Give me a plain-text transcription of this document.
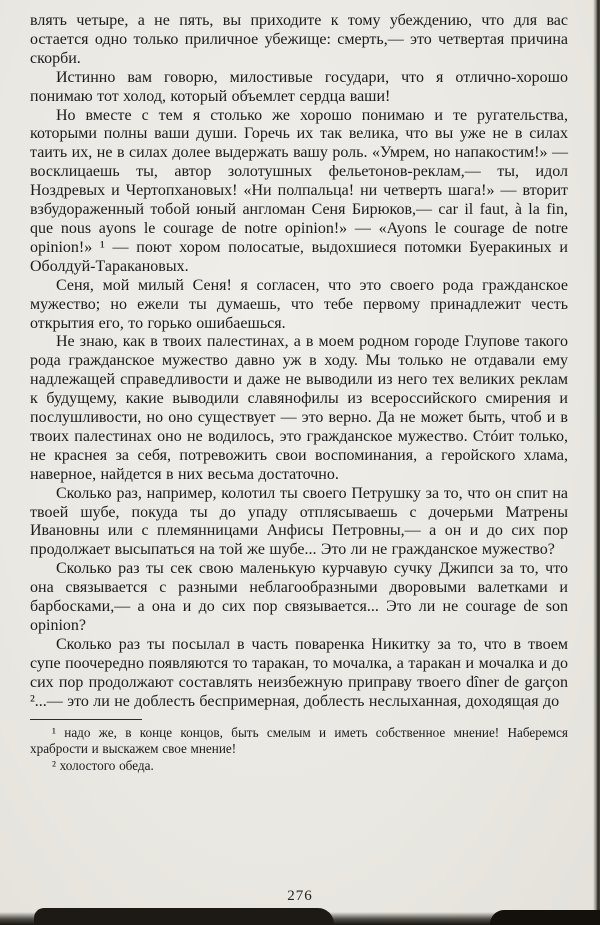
влять четыре, а не пять, вы приходите к тому убеждению, что для вас остается одно только приличное убежище: смерть,— это четвертая причина скорби.

Истинно вам говорю, милостивые государи, что я отлично-хорошо понимаю тот холод, который объемлет сердца ваши!

Но вместе с тем я столько же хорошо понимаю и те ругательства, которыми полны ваши души. Горечь их так велика, что вы уже не в силах таить их, не в силах долее выдержать вашу роль. «Умрем, но напакостим!» — восклицаешь ты, автор золотушных фельетонов-реклам,— ты, идол Ноздревых и Чертопхановых! «Ни полпальца! ни четверть шага!» — вторит взбудораженный тобой юный англоман Сеня Бирюков,— car il faut, à la fin, que nous ayons le courage de notre opinion!» — «Ayons le courage de notre opinion!» ¹ — поют хором полосатые, выдохшиеся потомки Буеракиных и Оболдуй-Таракановых.

Сеня, мой милый Сеня! я согласен, что это своего рода гражданское мужество; но ежели ты думаешь, что тебе первому принадлежит честь открытия его, то горько ошибаешься.

Не знаю, как в твоих палестинах, а в моем родном городе Глупове такого рода гражданское мужество давно уж в ходу. Мы только не отдавали ему надлежащей справедливости и даже не выводили из него тех великих реклам к будущему, какие выводили славянофилы из всероссийского смирения и послушливости, но оно существует — это верно. Да не может быть, чтоб и в твоих палестинах оно не водилось, это гражданское мужество. Стóит только, не краснея за себя, потревожить свои воспоминания, а геройского хлама, наверное, найдется в них весьма достаточно.

Сколько раз, например, колотил ты своего Петрушку за то, что он спит на твоей шубе, покуда ты до упаду отплясываешь с дочерьми Матрены Ивановны или с племянницами Анфисы Петровны,— а он и до сих пор продолжает высыпаться на той же шубе... Это ли не гражданское мужество?

Сколько раз ты сек свою маленькую курчавую сучку Джипси за то, что она связывается с разными неблагообразными дворовыми валетками и барбосками,— а она и до сих пор связывается... Это ли не courage de son opinion?

Сколько раз ты посылал в часть поваренка Никитку за то, что в твоем супе поочередно появляются то таракан, то мочалка, а таракан и мочалка и до сих пор продолжают составлять неизбежную приправу твоего dîner de garçon ²...— это ли не доблесть беспримерная, доблесть неслыханная, доходящая до

¹ надо же, в конце концов, быть смелым и иметь собственное мнение! Наберемся храбрости и выскажем свое мнение!

² холостого обеда.

276
